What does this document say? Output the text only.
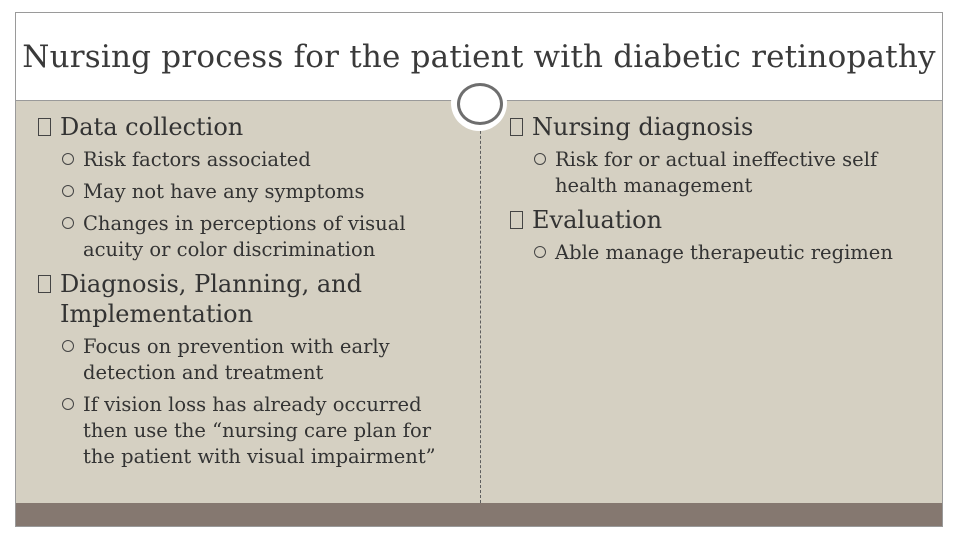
Nursing process for the patient with diabetic retinopathy
Data collection
Risk factors associated
May not have any symptoms
Changes in perceptions of visual acuity or color discrimination
Diagnosis, Planning, and Implementation
Focus on prevention with early detection and treatment
If vision loss has already occurred then use the “nursing care plan for the patient with visual impairment”
Nursing diagnosis
Risk for or actual ineffective self health management
Evaluation
Able manage therapeutic regimen
